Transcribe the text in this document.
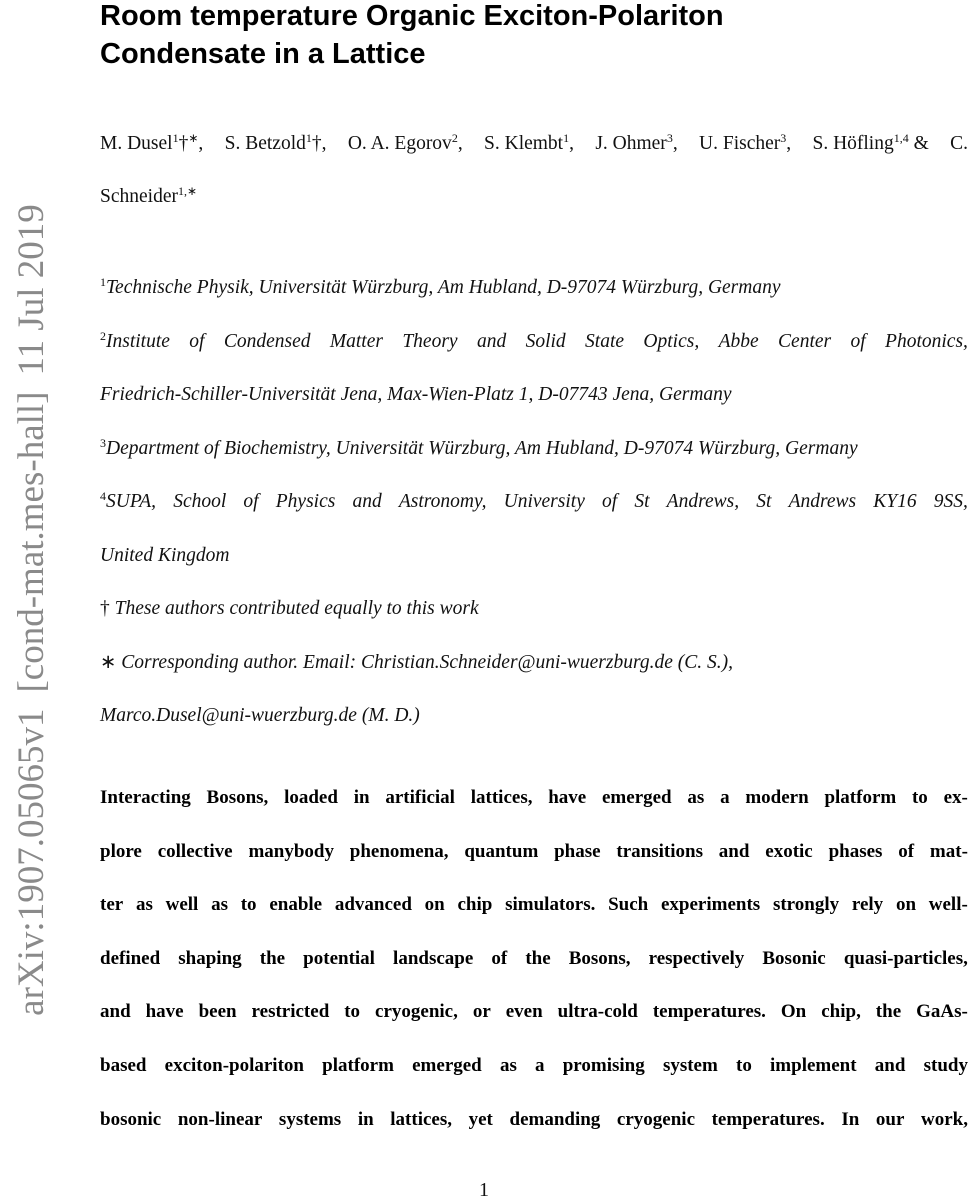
arXiv:1907.05065v1
[cond-mat.mes-hall]
11 Jul 2019
Room temperature Organic Exciton-Polariton
Condensate in a Lattice
M. Dusel$^1$†∗, S. Betzold$^1$†, O. A. Egorov$^2$, S. Klembt$^1$, J. Ohmer$^3$, U. Fischer$^3$, S. Höfling$^{1,4}$ & C.
Schneider$^{1,∗}$
$^1$Technische Physik, Universität Würzburg, Am Hubland, D-97074 Würzburg, Germany
$^2$Institute of Condensed Matter Theory and Solid State Optics, Abbe Center of Photonics,
Friedrich-Schiller-Universität Jena, Max-Wien-Platz 1, D-07743 Jena, Germany
$^3$Department of Biochemistry, Universität Würzburg, Am Hubland, D-97074 Würzburg, Germany
$^4$SUPA, School of Physics and Astronomy, University of St Andrews, St Andrews KY16 9SS,
United Kingdom
† These authors contributed equally to this work
∗ Corresponding author. Email: Christian.Schneider@uni-wuerzburg.de (C. S.),
Marco.Dusel@uni-wuerzburg.de (M. D.)
Interacting Bosons, loaded in artificial lattices, have emerged as a modern platform to ex-
plore collective manybody phenomena, quantum phase transitions and exotic phases of mat-
ter as well as to enable advanced on chip simulators. Such experiments strongly rely on well-
defined shaping the potential landscape of the Bosons, respectively Bosonic quasi-particles,
and have been restricted to cryogenic, or even ultra-cold temperatures. On chip, the GaAs-
based exciton-polariton platform emerged as a promising system to implement and study
bosonic non-linear systems in lattices, yet demanding cryogenic temperatures. In our work,
1
